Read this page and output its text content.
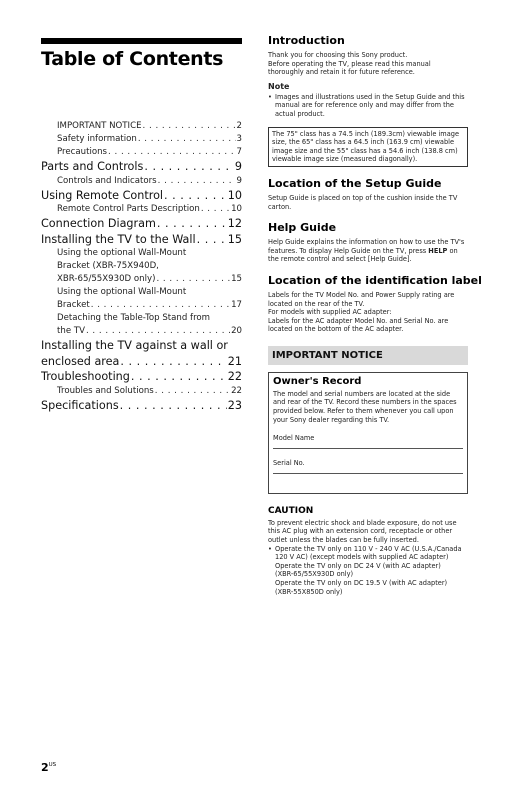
Table of Contents
IMPORTANT NOTICE . . .	2
Safety information . . .	3
Precautions . . .	7
Parts and Controls . . .	9
Controls and Indicators . . .	9
Using Remote Control . . .	10
Remote Control Parts Description . . .	10
Connection Diagram . . .	12
Installing the TV to the Wall . . .	15
Using the optional Wall-Mount
Bracket (XBR-75X940D,
XBR-65/55X930D only) . . .	15
Using the optional Wall-Mount
Bracket . . .	17
Detaching the Table-Top Stand from
the TV . . .	20
Installing the TV against a wall or
enclosed area . . .	21
Troubleshooting . . .	22
Troubles and Solutions . . .	22
Specifications . . .	23
Introduction

Thank you for choosing this Sony product.

Before operating the TV, please read this manual

thoroughly and retain it for future reference.

Note
• Images and illustrations used in the Setup Guide and this
manual are for reference only and may differ from the
actual product.
The 75" class has a 74.5 inch (189.3cm) viewable image
size, the 65" class has a 64.5 inch (163.9 cm) viewable
image size and the 55" class has a 54.6 inch (138.8 cm)
viewable image size (measured diagonally).
Location of the Setup Guide

Setup Guide is placed on top of the cushion inside the TV

carton.

Help Guide

Help Guide explains the information on how to use the TV's

features. To display Help Guide on the TV, press HELP on

the remote control and select [Help Guide].

Location of the identification label

Labels for the TV Model No. and Power Supply rating are

located on the rear of the TV.

For models with supplied AC adapter:

Labels for the AC adapter Model No. and Serial No. are

located on the bottom of the AC adapter.

IMPORTANT NOTICE
Owner's Record

The model and serial numbers are located at the side

and rear of the TV. Record these numbers in the spaces

provided below. Refer to them whenever you call upon

your Sony dealer regarding this TV.

Model Name
Serial No.
CAUTION

To prevent electric shock and blade exposure, do not use

this AC plug with an extension cord, receptacle or other

outlet unless the blades can be fully inserted.

• Operate the TV only on 110 V - 240 V AC (U.S.A./Canada
120 V AC) (except models with supplied AC adapter)
Operate the TV only on DC 24 V (with AC adapter)
(XBR-65/55X930D only)
Operate the TV only on DC 19.5 V (with AC adapter)
(XBR-55X850D only)
$2^{US}$
